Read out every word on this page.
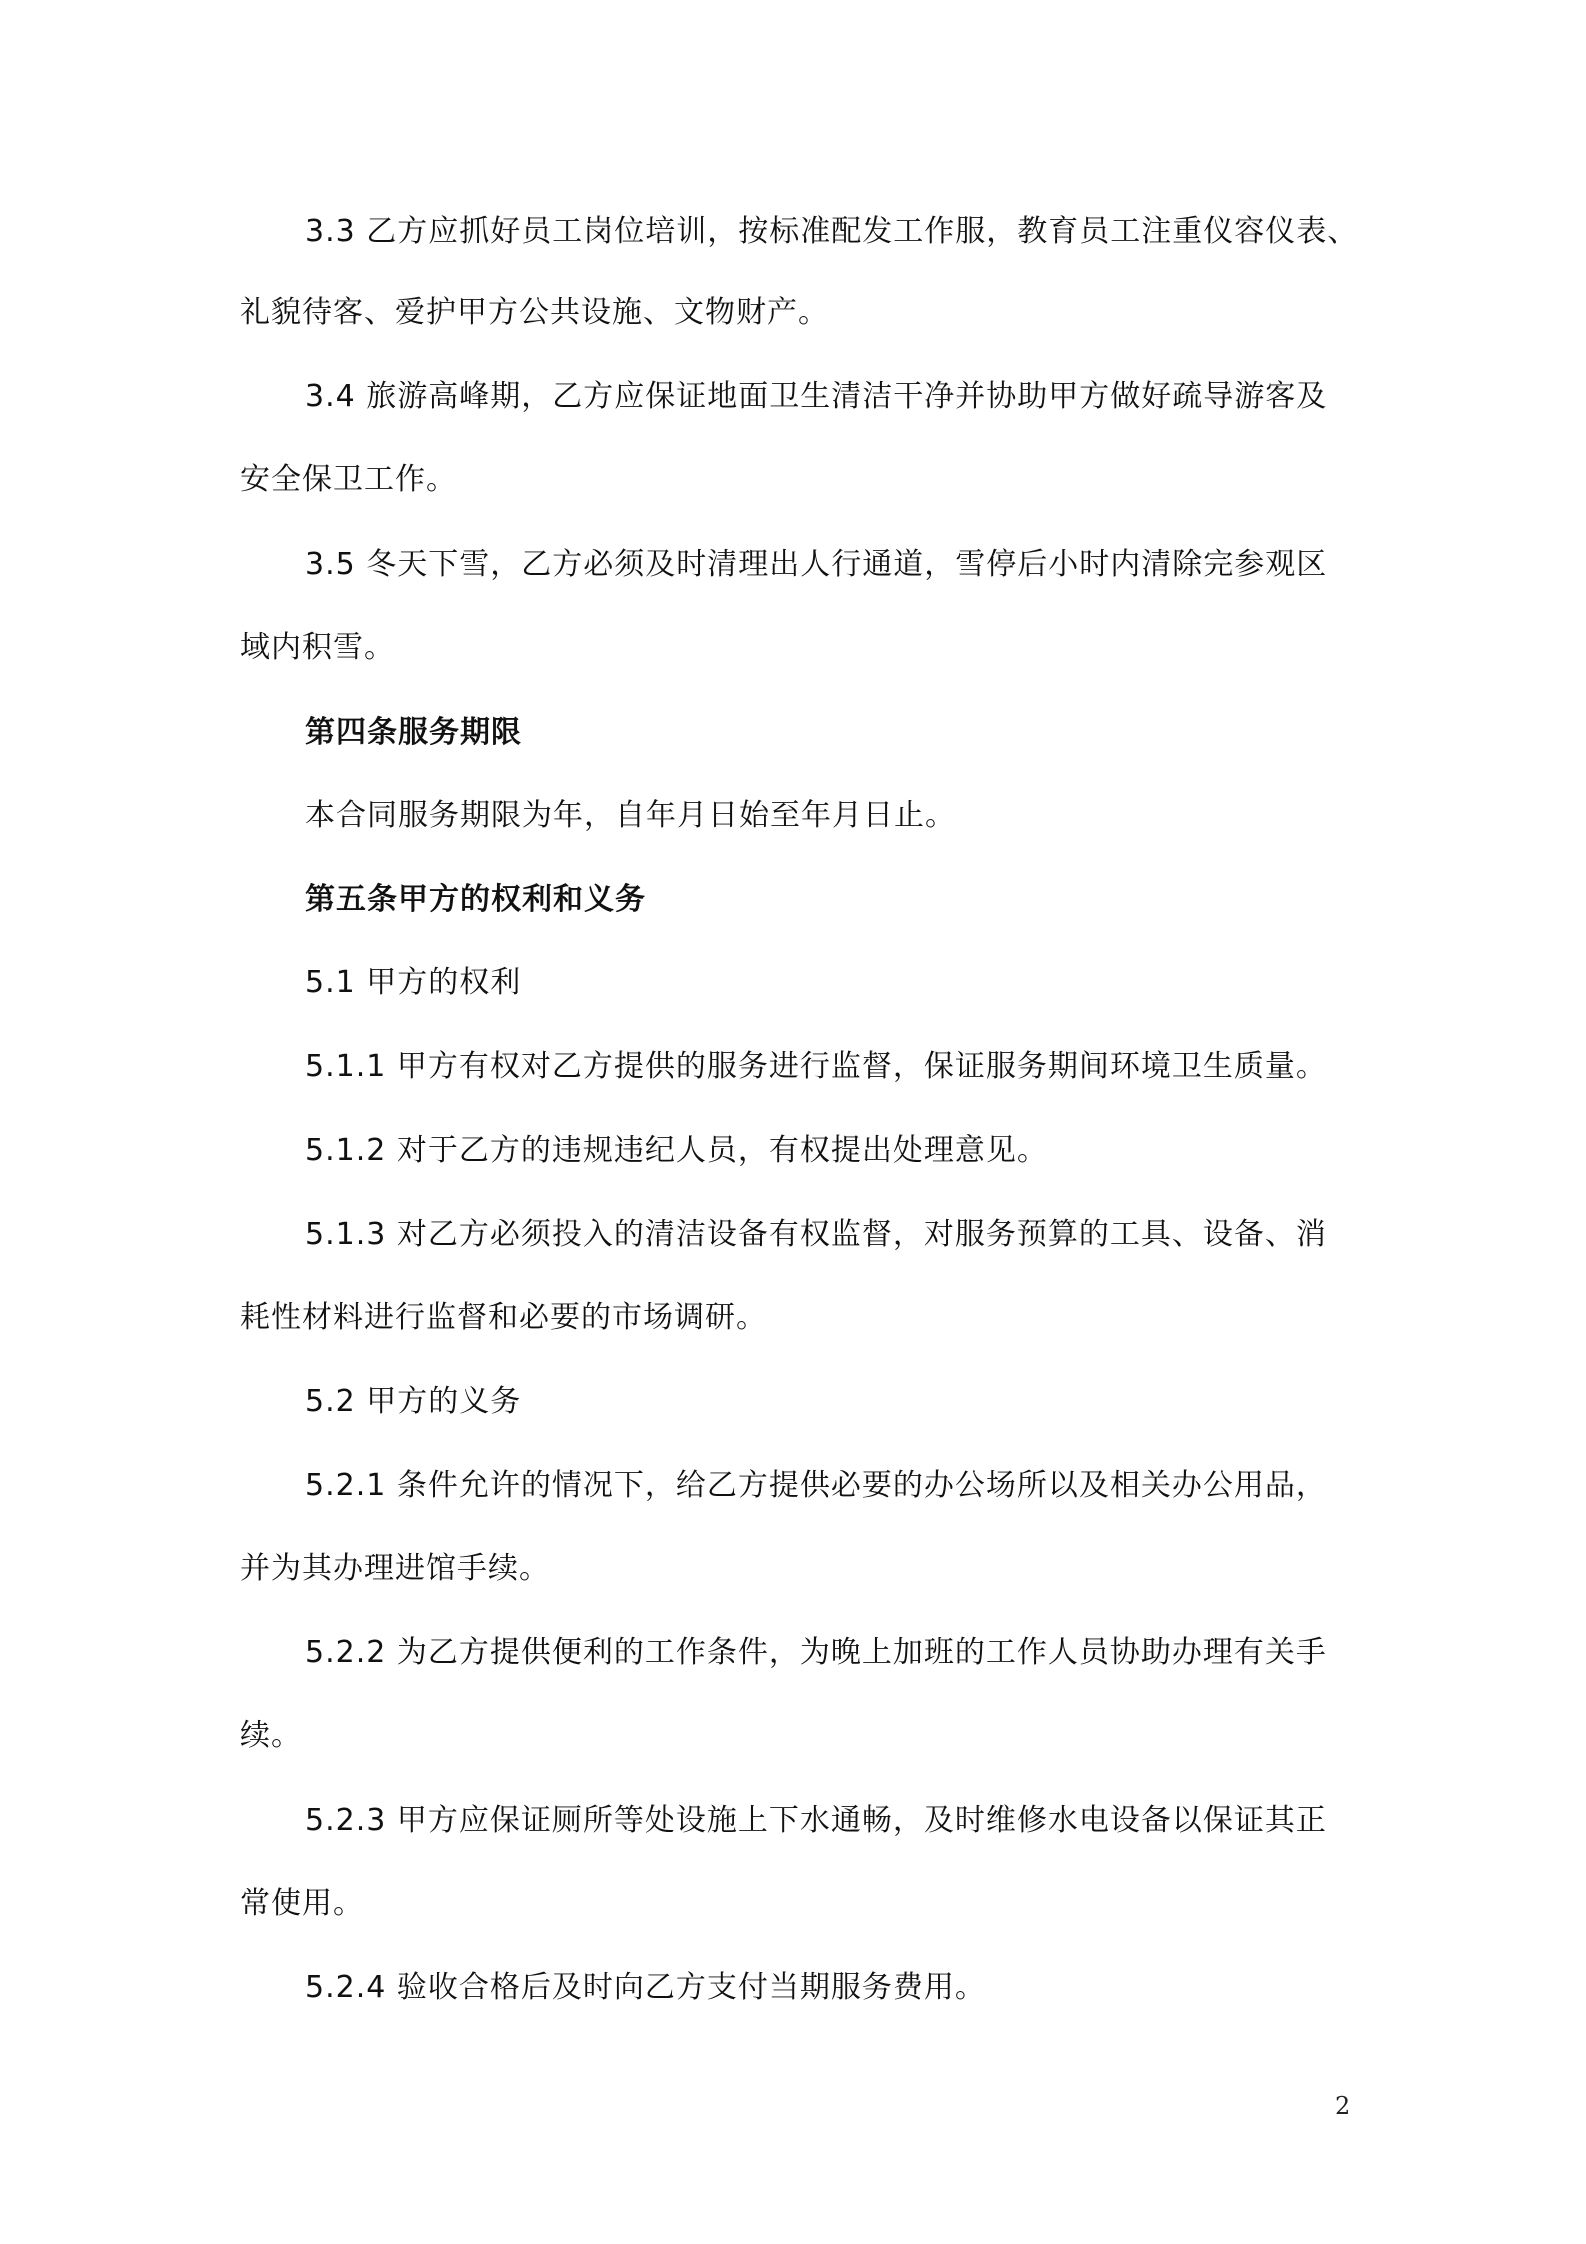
3.3 乙方应抓好员工岗位培训，按标准配发工作服，教育员工注重仪容仪表、
礼貌待客、爱护甲方公共设施、文物财产。
3.4 旅游高峰期，乙方应保证地面卫生清洁干净并协助甲方做好疏导游客及
安全保卫工作。
3.5 冬天下雪，乙方必须及时清理出人行通道，雪停后小时内清除完参观区
域内积雪。
第四条服务期限
本合同服务期限为年，自年月日始至年月日止。
第五条甲方的权利和义务
5.1 甲方的权利
5.1.1 甲方有权对乙方提供的服务进行监督，保证服务期间环境卫生质量。
5.1.2 对于乙方的违规违纪人员，有权提出处理意见。
5.1.3 对乙方必须投入的清洁设备有权监督，对服务预算的工具、设备、消
耗性材料进行监督和必要的市场调研。
5.2 甲方的义务
5.2.1 条件允许的情况下，给乙方提供必要的办公场所以及相关办公用品，
并为其办理进馆手续。
5.2.2 为乙方提供便利的工作条件，为晚上加班的工作人员协助办理有关手
续。
5.2.3 甲方应保证厕所等处设施上下水通畅，及时维修水电设备以保证其正
常使用。
5.2.4 验收合格后及时向乙方支付当期服务费用。
2
